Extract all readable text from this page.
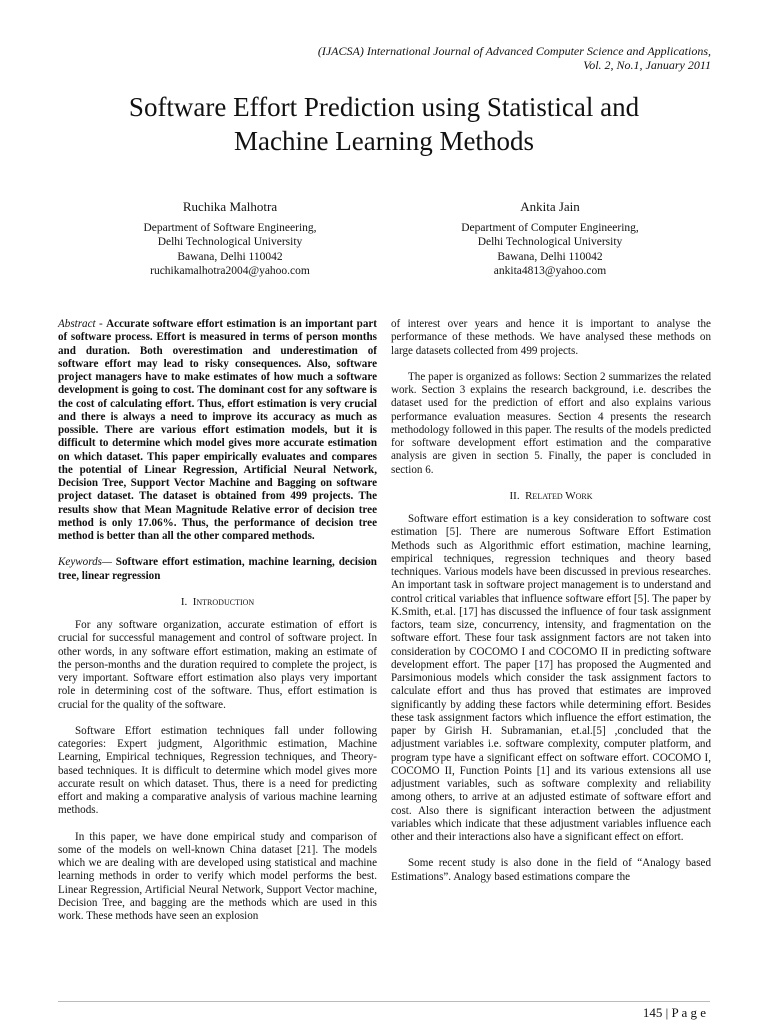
(IJACSA) International Journal of Advanced Computer Science and Applications,
Vol. 2, No.1, January 2011
Software Effort Prediction using Statistical and
Machine Learning Methods
Ruchika Malhotra
Department of Software Engineering,
Delhi Technological University
Bawana, Delhi 110042
ruchikamalhotra2004@yahoo.com
Ankita Jain
Department of Computer Engineering,
Delhi Technological University
Bawana, Delhi 110042
ankita4813@yahoo.com

Abstract - Accurate software effort estimation is an important part of software process. Effort is measured in terms of person months and duration. Both overestimation and underestimation of software effort may lead to risky consequences. Also, software project managers have to make estimates of how much a software development is going to cost. The dominant cost for any software is the cost of calculating effort. Thus, effort estimation is very crucial and there is always a need to improve its accuracy as much as possible. There are various effort estimation models, but it is difficult to determine which model gives more accurate estimation on which dataset. This paper empirically evaluates and compares the potential of Linear Regression, Artificial Neural Network, Decision Tree, Support Vector Machine and Bagging on software project dataset. The dataset is obtained from 499 projects. The results show that Mean Magnitude Relative error of decision tree method is only 17.06%. Thus, the performance of decision tree method is better than all the other compared methods.

Keywords— Software effort estimation, machine learning, decision tree, linear regression

I. Introduction

For any software organization, accurate estimation of effort is crucial for successful management and control of software project. In other words, in any software effort estimation, making an estimate of the person-months and the duration required to complete the project, is very important. Software effort estimation also plays very important role in determining cost of the software. Thus, effort estimation is crucial for the quality of the software.

Software Effort estimation techniques fall under following categories: Expert judgment, Algorithmic estimation, Machine Learning, Empirical techniques, Regression techniques, and Theory-based techniques. It is difficult to determine which model gives more accurate result on which dataset. Thus, there is a need for predicting effort and making a comparative analysis of various machine learning methods.

In this paper, we have done empirical study and comparison of some of the models on well-known China dataset [21]. The models which we are dealing with are developed using statistical and machine learning methods in order to verify which model performs the best. Linear Regression, Artificial Neural Network, Support Vector machine, Decision Tree, and bagging are the methods which are used in this work. These methods have seen an explosion

of interest over years and hence it is important to analyse the performance of these methods. We have analysed these methods on large datasets collected from 499 projects.

The paper is organized as follows: Section 2 summarizes the related work. Section 3 explains the research background, i.e. describes the dataset used for the prediction of effort and also explains various performance evaluation measures. Section 4 presents the research methodology followed in this paper. The results of the models predicted for software development effort estimation and the comparative analysis are given in section 5. Finally, the paper is concluded in section 6.

II. Related Work

Software effort estimation is a key consideration to software cost estimation [5]. There are numerous Software Effort Estimation Methods such as Algorithmic effort estimation, machine learning, empirical techniques, regression techniques and theory based techniques. Various models have been discussed in previous researches. An important task in software project management is to understand and control critical variables that influence software effort [5]. The paper by K.Smith, et.al. [17] has discussed the influence of four task assignment factors, team size, concurrency, intensity, and fragmentation on the software effort. These four task assignment factors are not taken into consideration by COCOMO I and COCOMO II in predicting software development effort. The paper [17] has proposed the Augmented and Parsimonious models which consider the task assignment factors to calculate effort and thus has proved that estimates are improved significantly by adding these factors while determining effort. Besides these task assignment factors which influence the effort estimation, the paper by Girish H. Subramanian, et.al.[5] ,concluded that the adjustment variables i.e. software complexity, computer platform, and program type have a significant effect on software effort. COCOMO I, COCOMO II, Function Points [1] and its various extensions all use adjustment variables, such as software complexity and reliability among others, to arrive at an adjusted estimate of software effort and cost. Also there is significant interaction between the adjustment variables which indicate that these adjustment variables influence each other and their interactions also have a significant effect on effort.

Some recent study is also done in the field of “Analogy based Estimations”. Analogy based estimations compare the

145 | P a g e
